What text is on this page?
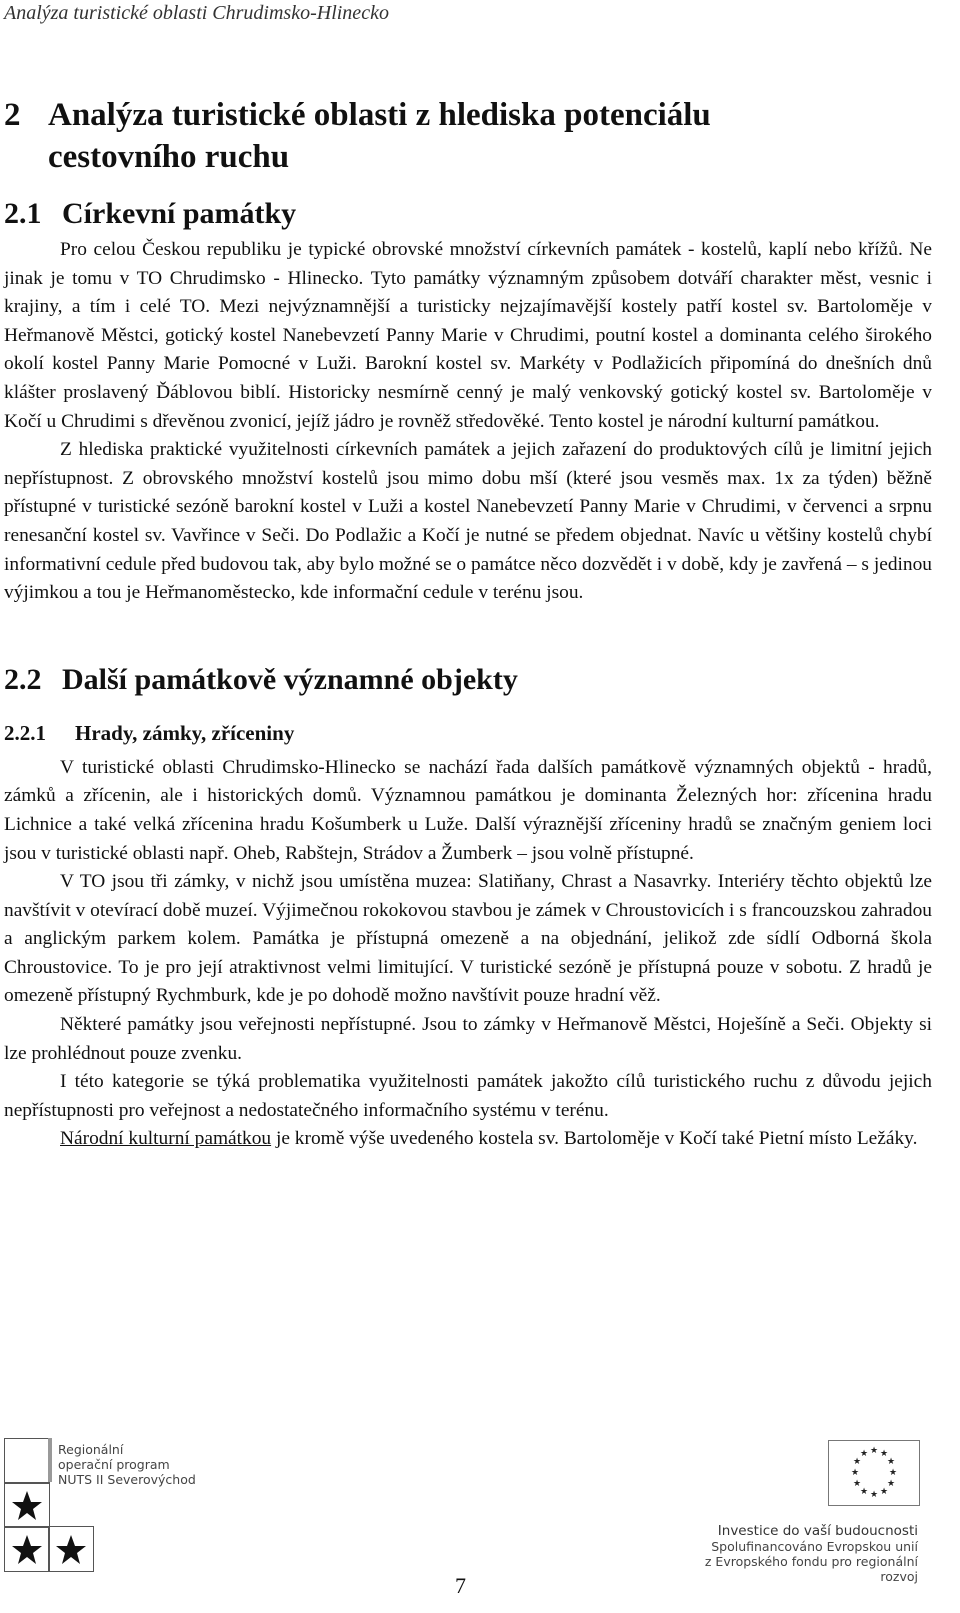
Analýza turistické oblasti Chrudimsko-Hlinecko
2 Analýza turistické oblasti z hlediska potenciálu
cestovního ruchu
2.1 Církevní památky

Pro celou Českou republiku je typické obrovské množství církevních památek - kostelů, kaplí nebo křížů. Ne jinak je tomu v TO Chrudimsko - Hlinecko. Tyto památky významným způsobem dotváří charakter měst, vesnic i krajiny, a tím i celé TO. Mezi nejvýznamnější a turisticky nejzajímavější kostely patří kostel sv. Bartoloměje v Heřmanově Městci, gotický kostel Nanebevzetí Panny Marie v Chrudimi, poutní kostel a dominanta celého širokého okolí kostel Panny Marie Pomocné v Luži. Barokní kostel sv. Markéty v Podlažicích připomíná do dnešních dnů klášter proslavený Ďáblovou biblí. Historicky nesmírně cenný je malý venkovský gotický kostel sv. Bartoloměje v Kočí u Chrudimi s dřevěnou zvonicí, jejíž jádro je rovněž středověké. Tento kostel je národní kulturní památkou.

Z hlediska praktické využitelnosti církevních památek a jejich zařazení do produktových cílů je limitní jejich nepřístupnost. Z obrovského množství kostelů jsou mimo dobu mší (které jsou vesměs max. 1x za týden) běžně přístupné v turistické sezóně barokní kostel v Luži a kostel Nanebevzetí Panny Marie v Chrudimi, v červenci a srpnu renesanční kostel sv. Vavřince v Seči. Do Podlažic a Kočí je nutné se předem objednat. Navíc u většiny kostelů chybí informativní cedule před budovou tak, aby bylo možné se o památce něco dozvědět i v době, kdy je zavřená – s jedinou výjimkou a tou je Heřmanoměstecko, kde informační cedule v terénu jsou.

2.2 Další památkově významné objekty
2.2.1 Hrady, zámky, zříceniny

V turistické oblasti Chrudimsko-Hlinecko se nachází řada dalších památkově významných objektů - hradů, zámků a zřícenin, ale i historických domů. Významnou památkou je dominanta Železných hor: zřícenina hradu Lichnice a také velká zřícenina hradu Košumberk u Luže. Další výraznější zříceniny hradů se značným geniem loci jsou v turistické oblasti např. Oheb, Rabštejn, Strádov a Žumberk – jsou volně přístupné.

V TO jsou tři zámky, v nichž jsou umístěna muzea: Slatiňany, Chrast a Nasavrky. Interiéry těchto objektů lze navštívit v otevírací době muzeí. Výjimečnou rokokovou stavbou je zámek v Chroustovicích i s francouzskou zahradou a anglickým parkem kolem. Památka je přístupná omezeně a na objednání, jelikož zde sídlí Odborná škola Chroustovice. To je pro její atraktivnost velmi limitující. V turistické sezóně je přístupná pouze v sobotu. Z hradů je omezeně přístupný Rychmburk, kde je po dohodě možno navštívit pouze hradní věž.

Některé památky jsou veřejnosti nepřístupné. Jsou to zámky v Heřmanově Městci, Hoješíně a Seči. Objekty si lze prohlédnout pouze zvenku.

I této kategorie se týká problematika využitelnosti památek jakožto cílů turistického ruchu z důvodu jejich nepřístupnosti pro veřejnost a nedostatečného informačního systému v terénu.

Národní kulturní památkou je kromě výše uvedeného kostela sv. Bartoloměje v Kočí také Pietní místo Ležáky.

Regionální
operační program
NUTS II Severovýchod
★ ★
★
★
★
★
★
★
★
★
★
★
Investice do vaší budoucnosti
Spolufinancováno Evropskou unií
z Evropského fondu pro regionální rozvoj
7
